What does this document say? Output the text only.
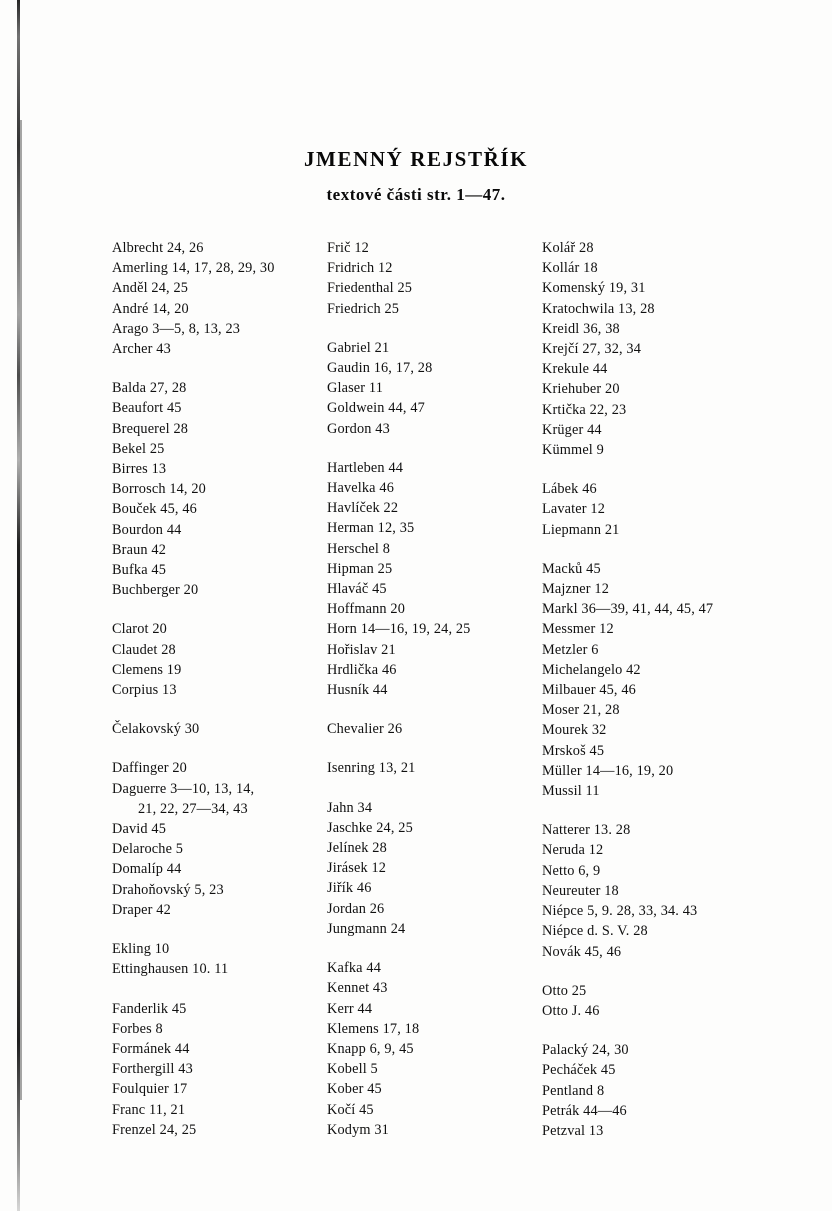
JMENNÝ REJSTŘÍK
textové části str. 1—47.
Albrecht 24, 26
Amerling 14, 17, 28, 29, 30
Anděl 24, 25
André 14, 20
Arago 3—5, 8, 13, 23
Archer 43
Balda 27, 28
Beaufort 45
Brequerel 28
Bekel 25
Birres 13
Borrosch 14, 20
Bouček 45, 46
Bourdon 44
Braun 42
Bufka 45
Buchberger 20
Clarot 20
Claudet 28
Clemens 19
Corpius 13
Čelakovský 30
Daffinger 20
Daguerre 3—10, 13, 14,
21, 22, 27—34, 43
David 45
Delaroche 5
Domalíp 44
Drahoňovský 5, 23
Draper 42
Ekling 10
Ettinghausen 10. 11
Fanderlik 45
Forbes 8
Formánek 44
Forthergill 43
Foulquier 17
Franc 11, 21
Frenzel 24, 25
Frič 12
Fridrich 12
Friedenthal 25
Friedrich 25
Gabriel 21
Gaudin 16, 17, 28
Glaser 11
Goldwein 44, 47
Gordon 43
Hartleben 44
Havelka 46
Havlíček 22
Herman 12, 35
Herschel 8
Hipman 25
Hlaváč 45
Hoffmann 20
Horn 14—16, 19, 24, 25
Hořislav 21
Hrdlička 46
Husník 44
Chevalier 26
Isenring 13, 21
Jahn 34
Jaschke 24, 25
Jelínek 28
Jirásek 12
Jiřík 46
Jordan 26
Jungmann 24
Kafka 44
Kennet 43
Kerr 44
Klemens 17, 18
Knapp 6, 9, 45
Kobell 5
Kober 45
Kočí 45
Kodym 31
Kolář 28
Kollár 18
Komenský 19, 31
Kratochwila 13, 28
Kreidl 36, 38
Krejčí 27, 32, 34
Krekule 44
Kriehuber 20
Krtička 22, 23
Krüger 44
Kümmel 9
Lábek 46
Lavater 12
Liepmann 21
Macků 45
Majzner 12
Markl 36—39, 41, 44, 45, 47
Messmer 12
Metzler 6
Michelangelo 42
Milbauer 45, 46
Moser 21, 28
Mourek 32
Mrskoš 45
Müller 14—16, 19, 20
Mussil 11
Natterer 13. 28
Neruda 12
Netto 6, 9
Neureuter 18
Niépce 5, 9. 28, 33, 34. 43
Niépce d. S. V. 28
Novák 45, 46
Otto 25
Otto J. 46
Palacký 24, 30
Pecháček 45
Pentland 8
Petrák 44—46
Petzval 13
